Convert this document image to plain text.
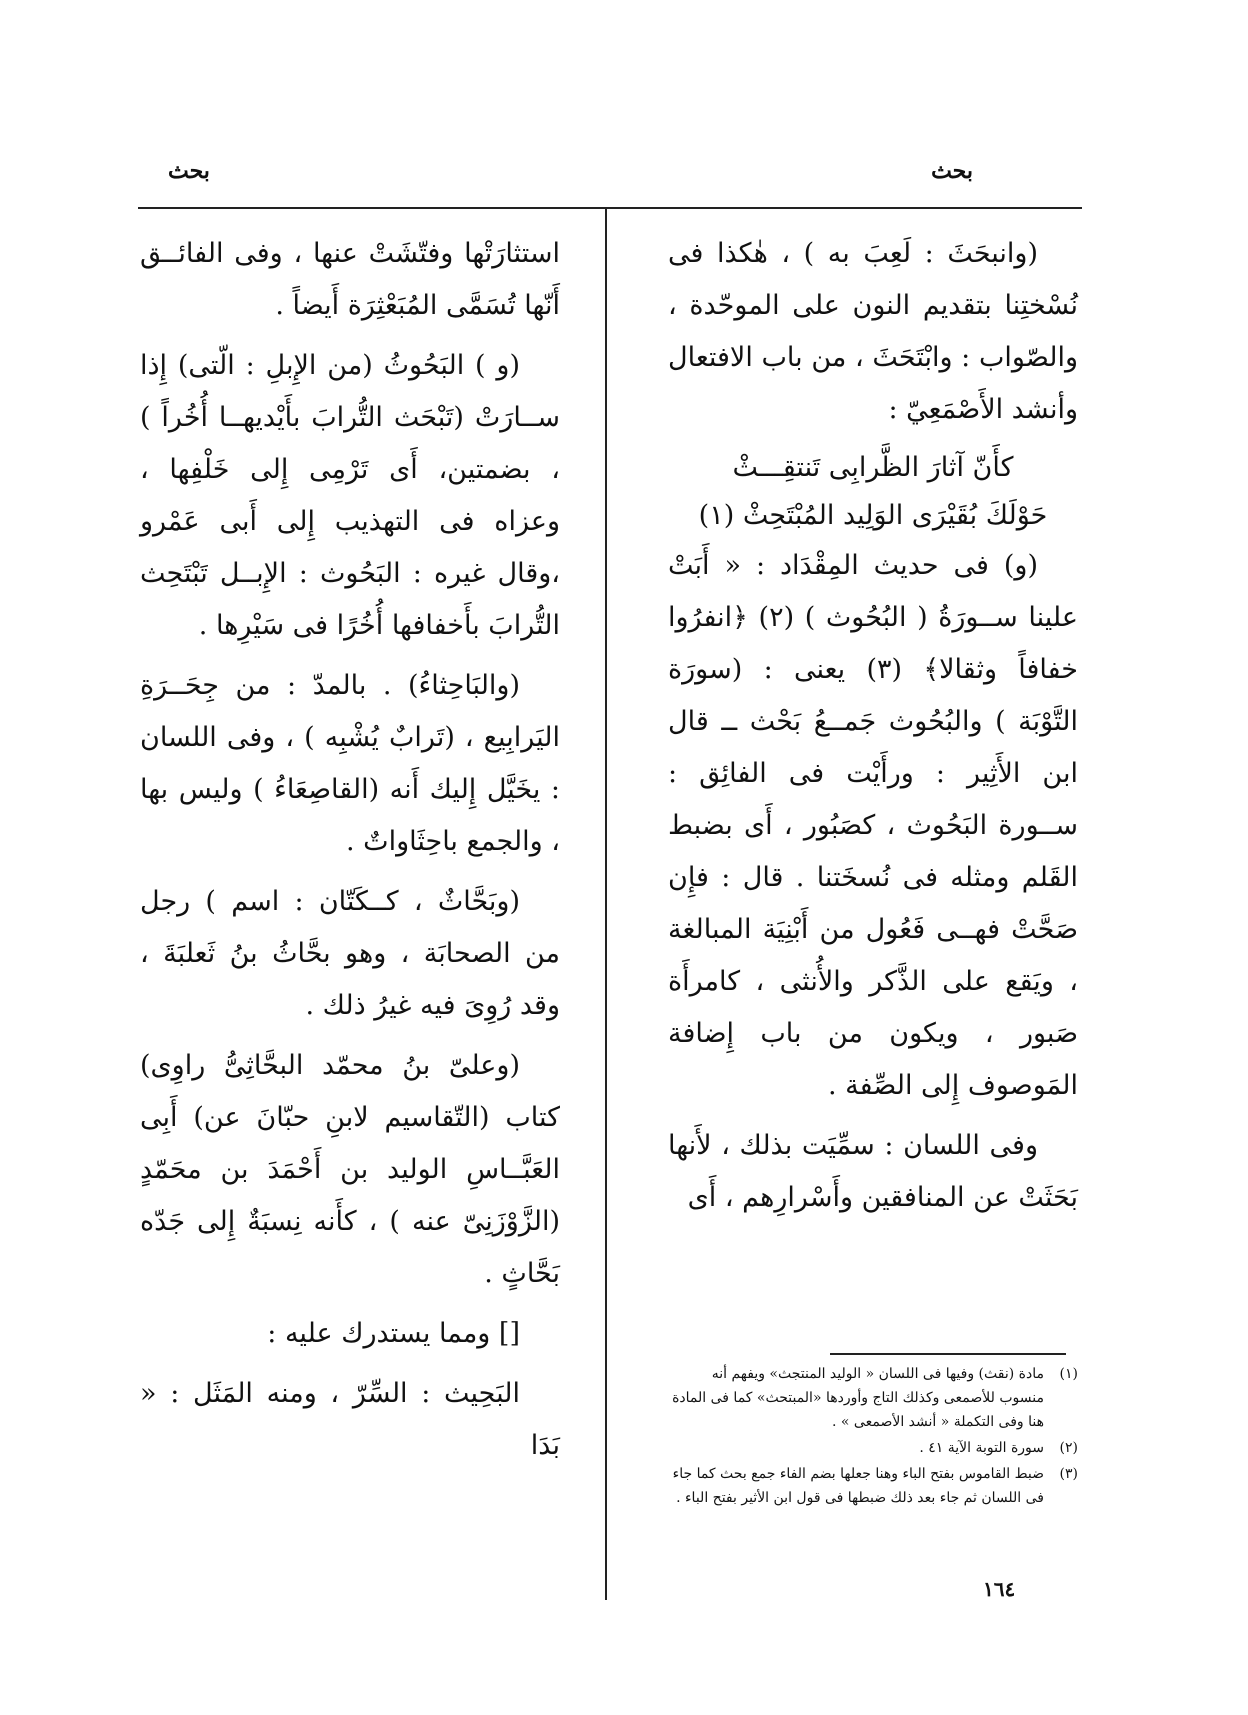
بحث
بحث

(وانبحَثَ : لَعِبَ به ) ، هٰكذا فى نُسْختِنا بتقديم النون على الموحّدة ، والصّواب : وابْتَحَثَ ، من باب الافتعال وأنشد الأَصْمَعِيّ :

كأَنّ آثارَ الظَّرابِى تَنتقِـــثْ
حَوْلَكَ بُقَيْرَى الوَلِيد المُبْتَحِثْ (١)

(و) فى حديث المِقْدَاد : « أَبَتْ علينا ســورَةُ ( البُحُوث ) (٢) ﴿انفرُوا خفافاً وثقالا﴾ (٣) يعنى : (سورَة التَّوْبَة ) والبُحُوث جَمــعُ بَحْث ــ قال ابن الأَثِير : ورأَيْت فى الفائِق : ســورة البَحُوث ، كصَبُور ، أَى بضبط القَلم ومثله فى نُسخَتنا . قال : فإِن صَحَّتْ فهــى فَعُول من أَبْنِيَة المبالغة ، ويَقع على الذَّكر والأُنثى ، كامرأَة صَبور ، ويكون من باب إِضافة المَوصوف إِلى الصِّفة .

وفى اللسان : سمِّيَت بذلك ، لأَنها بَحَثَتْ عن المنافقين وأَسْرارِهم ، أَى

استثارَتْها وفتّشَتْ عنها ، وفى الفائــق أَنّها تُسَمَّى المُبَعْثِرَة أَيضاً .

(و ) البَحُوثُ (من الإِبلِ : الّتى) إِذا ســارَتْ (تَبْحَث التُّرابَ بأَيْديهــا أُخُراً ) ، بضمتين، أَى تَرْمِى إِلى خَلْفِها ، وعزاه فى التهذيب إِلى أَبى عَمْرو ،وقال غيره : البَحُوث : الإِبــل تَبْتَحِث التُّرابَ بأَخفافها أُخُرًا فى سَيْرِها .

(والبَاحِثاءُ) . بالمدّ : من جِحَــرَةِ اليَرابِيع ، (تَرابٌ يُشْبِه ) ، وفى اللسان : يخَيَّل إِليك أَنه (القاصِعَاءُ ) وليس بها ، والجمع باحِثَاواتٌ .

(وبَحَّاثٌ ، كــكَتّان : اسم ) رجل من الصحابَة ، وهو بحَّاثُ بنُ ثَعلبَةَ ، وقد رُوِىَ فيه غيرُ ذلك .

(وعلىّ بنُ محمّد البحَّاثِىُّ راوِى) كتاب (التّقاسيم لابنِ حبّانَ عن) أَبِى العَبَّــاسِ الوليد بن أَحْمَدَ بن محَمّدٍ (الزَّوْزَنِىّ عنه ) ، كأَنه نِسبَةٌ إِلى جَدّه بَحَّاثٍ .

[] ومما يستدرك عليه :

البَحِيث : السِّرّ ، ومنه المَثَل : « بَدَا

(١)
مادة (نقث) وفيها فى اللسان « الوليد المنتجث» ويفهم أنه منسوب للأصمعى وكذلك التاج وأوردها «المبتحث» كما فى المادة هنا وفى التكملة « أنشد الأصمعى » .
(٢)
سورة التوبة الآية ٤١ .
(٣)
ضبط القاموس بفتح الباء وهنا جعلها بضم الفاء جمع بحث كما جاء فى اللسان ثم جاء بعد ذلك ضبطها فى قول ابن الأثير بفتح الباء .
١٦٤
